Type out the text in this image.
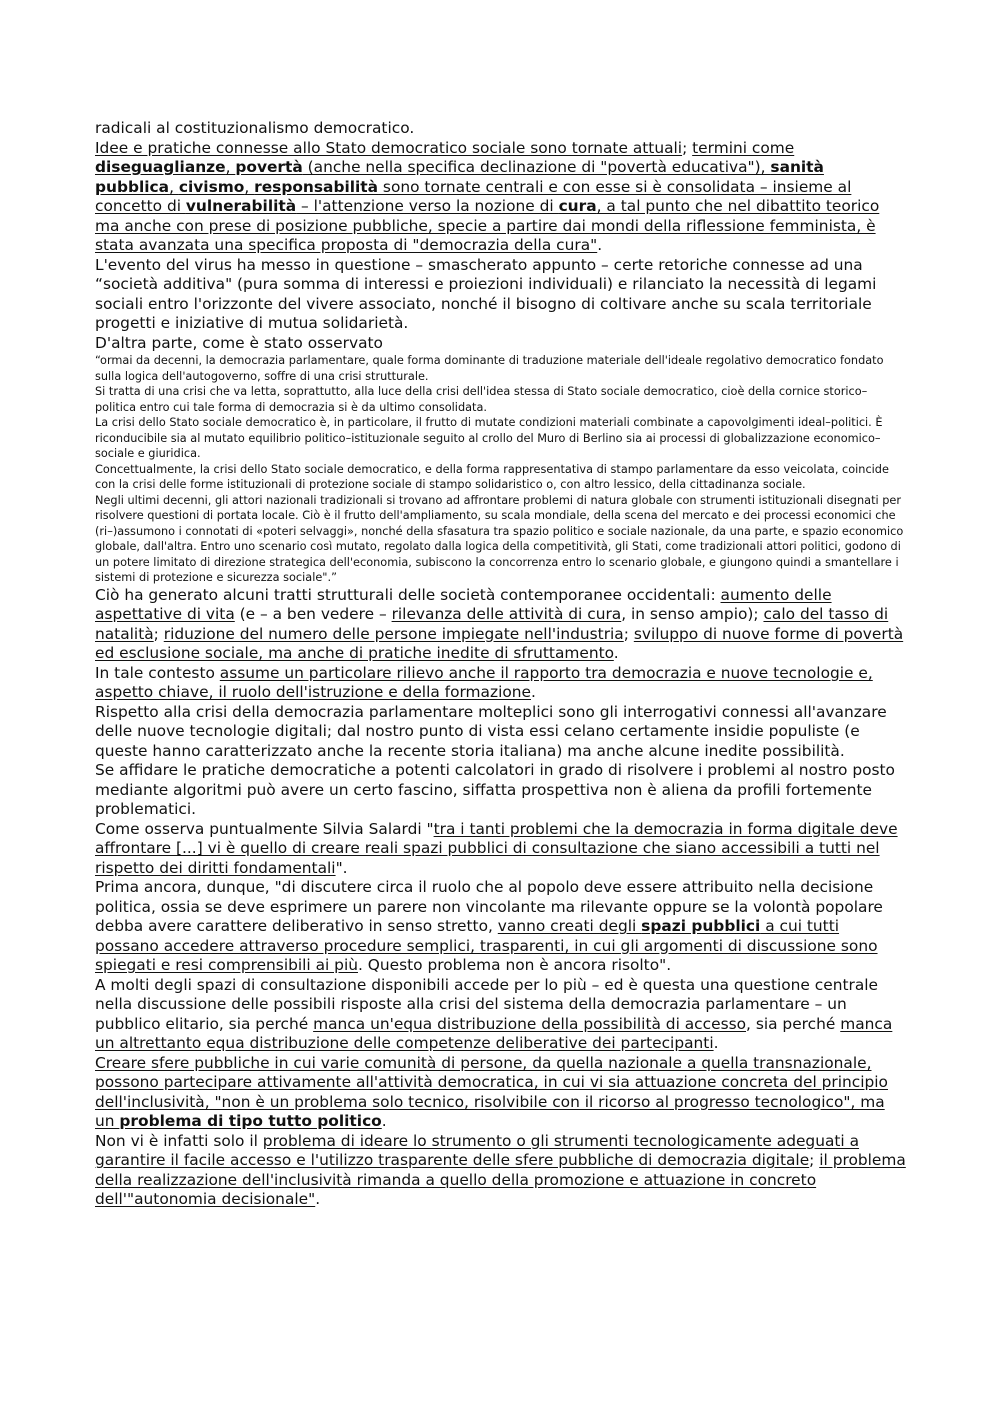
radicali al costituzionalismo democratico.

Idee e pratiche connesse allo Stato democratico sociale sono tornate attuali; termini come diseguaglianze, povertà (anche nella specifica declinazione di "povertà educativa"), sanità pubblica, civismo, responsabilità sono tornate centrali e con esse si è consolidata – insieme al concetto di vulnerabilità – l'attenzione verso la nozione di cura, a tal punto che nel dibattito teorico ma anche con prese di posizione pubbliche, specie a partire dai mondi della riflessione femminista, è stata avanzata una specifica proposta di "democrazia della cura".

L'evento del virus ha messo in questione – smascherato appunto – certe retoriche connesse ad una “società additiva" (pura somma di interessi e proiezioni individuali) e rilanciato la necessità di legami sociali entro l'orizzonte del vivere associato, nonché il bisogno di coltivare anche su scala territoriale progetti e iniziative di mutua solidarietà.

D'altra parte, come è stato osservato

“ormai da decenni, la democrazia parlamentare, quale forma dominante di traduzione materiale dell'ideale regolativo democratico fondato sulla logica dell'autogoverno, soffre di una crisi strutturale.

Si tratta di una crisi che va letta, soprattutto, alla luce della crisi dell'idea stessa di Stato sociale democratico, cioè della cornice storico–politica entro cui tale forma di democrazia si è da ultimo consolidata.

La crisi dello Stato sociale democratico è, in particolare, il frutto di mutate condizioni materiali combinate a capovolgimenti ideal–politici. È riconducibile sia al mutato equilibrio politico–istituzionale seguito al crollo del Muro di Berlino sia ai processi di globalizzazione economico–sociale e giuridica.

Concettualmente, la crisi dello Stato sociale democratico, e della forma rappresentativa di stampo parlamentare da esso veicolata, coincide con la crisi delle forme istituzionali di protezione sociale di stampo solidaristico o, con altro lessico, della cittadinanza sociale.

Negli ultimi decenni, gli attori nazionali tradizionali si trovano ad affrontare problemi di natura globale con strumenti istituzionali disegnati per risolvere questioni di portata locale. Ciò è il frutto dell'ampliamento, su scala mondiale, della scena del mercato e dei processi economici che (ri–)assumono i connotati di «poteri selvaggi», nonché della sfasatura tra spazio politico e sociale nazionale, da una parte, e spazio economico globale, dall'altra. Entro uno scenario così mutato, regolato dalla logica della competitività, gli Stati, come tradizionali attori politici, godono di un potere limitato di direzione strategica dell'economia, subiscono la concorrenza entro lo scenario globale, e giungono quindi a smantellare i sistemi di protezione e sicurezza sociale".”

Ciò ha generato alcuni tratti strutturali delle società contemporanee occidentali: aumento delle aspettative di vita (e – a ben vedere – rilevanza delle attività di cura, in senso ampio); calo del tasso di natalità; riduzione del numero delle persone impiegate nell'industria; sviluppo di nuove forme di povertà ed esclusione sociale, ma anche di pratiche inedite di sfruttamento.

In tale contesto assume un particolare rilievo anche il rapporto tra democrazia e nuove tecnologie e, aspetto chiave, il ruolo dell'istruzione e della formazione.

Rispetto alla crisi della democrazia parlamentare molteplici sono gli interrogativi connessi all'avanzare delle nuove tecnologie digitali; dal nostro punto di vista essi celano certamente insidie populiste (e queste hanno caratterizzato anche la recente storia italiana) ma anche alcune inedite possibilità.

Se affidare le pratiche democratiche a potenti calcolatori in grado di risolvere i problemi al nostro posto mediante algoritmi può avere un certo fascino, siffatta prospettiva non è aliena da profili fortemente problematici.

Come osserva puntualmente Silvia Salardi "tra i tanti problemi che la democrazia in forma digitale deve affrontare [...] vi è quello di creare reali spazi pubblici di consultazione che siano accessibili a tutti nel rispetto dei diritti fondamentali".

Prima ancora, dunque, "di discutere circa il ruolo che al popolo deve essere attribuito nella decisione politica, ossia se deve esprimere un parere non vincolante ma rilevante oppure se la volontà popolare debba avere carattere deliberativo in senso stretto, vanno creati degli spazi pubblici a cui tutti possano accedere attraverso procedure semplici, trasparenti, in cui gli argomenti di discussione sono spiegati e resi comprensibili ai più. Questo problema non è ancora risolto".

A molti degli spazi di consultazione disponibili accede per lo più – ed è questa una questione centrale nella discussione delle possibili risposte alla crisi del sistema della democrazia parlamentare – un pubblico elitario, sia perché manca un'equa distribuzione della possibilità di accesso, sia perché manca un altrettanto equa distribuzione delle competenze deliberative dei partecipanti.

Creare sfere pubbliche in cui varie comunità di persone, da quella nazionale a quella transnazionale, possono partecipare attivamente all'attività democratica, in cui vi sia attuazione concreta del principio dell'inclusività, "non è un problema solo tecnico, risolvibile con il ricorso al progresso tecnologico", ma un problema di tipo tutto politico.

Non vi è infatti solo il problema di ideare lo strumento o gli strumenti tecnologicamente adeguati a garantire il facile accesso e l'utilizzo trasparente delle sfere pubbliche di democrazia digitale; il problema della realizzazione dell'inclusività rimanda a quello della promozione e attuazione in concreto dell'"autonomia decisionale".
